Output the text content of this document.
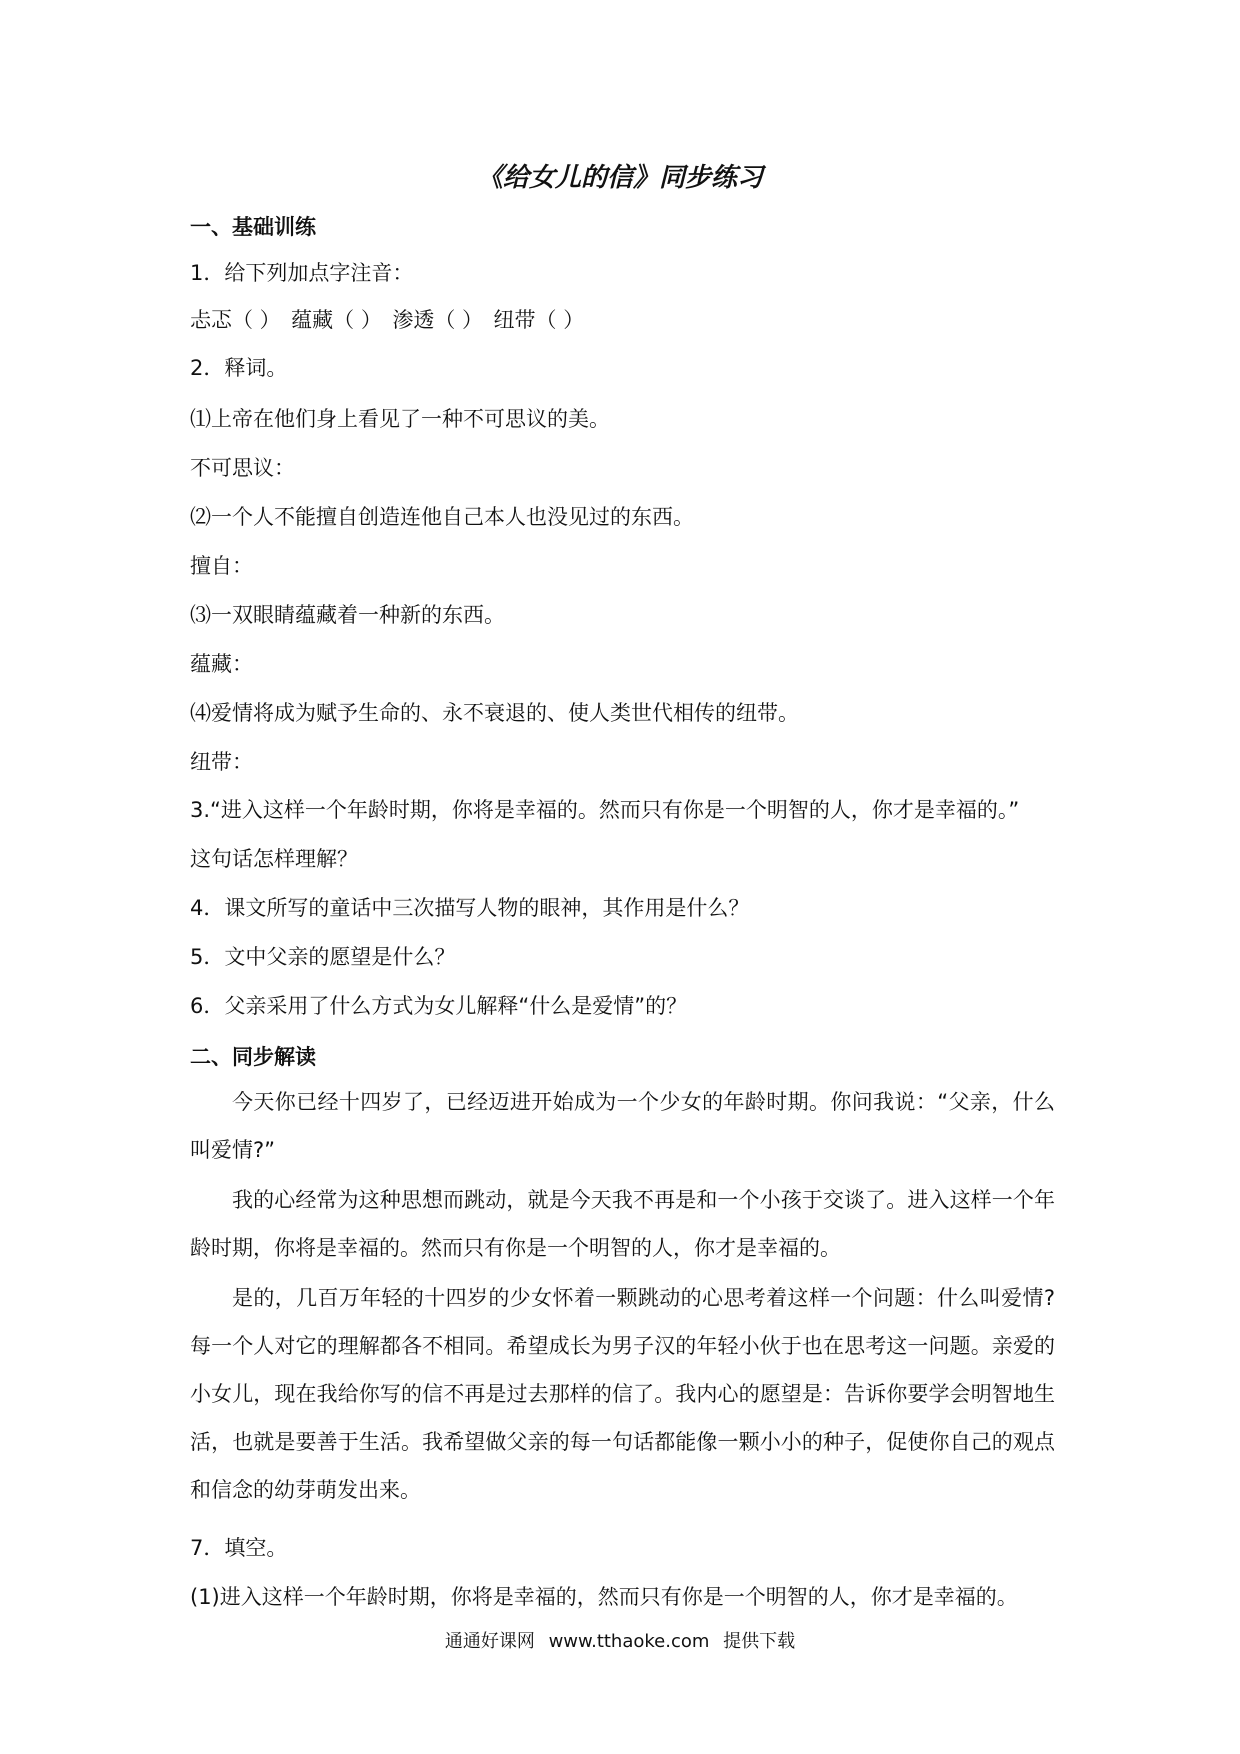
《给女儿的信》同步练习
一、基础训练
1．给下列加点字注音：
忐忑（ ）　蕴藏（ ）　渗透（ ）　纽带（ ）
2．释词。
⑴上帝在他们身上看见了一种不可思议的美。
不可思议：
⑵一个人不能擅自创造连他自己本人也没见过的东西。
擅自：
⑶一双眼睛蕴藏着一种新的东西。
蕴藏：
⑷爱情将成为赋予生命的、永不衰退的、使人类世代相传的纽带。
纽带：
3.“进入这样一个年龄时期，你将是幸福的。然而只有你是一个明智的人，你才是幸福的。”
这句话怎样理解？
4．课文所写的童话中三次描写人物的眼神，其作用是什么？
5．文中父亲的愿望是什么？
6．父亲采用了什么方式为女儿解释“什么是爱情”的？
二、同步解读
今天你已经十四岁了，已经迈进开始成为一个少女的年龄时期。你问我说：“父亲，什么叫爱情?”
我的心经常为这种思想而跳动，就是今天我不再是和一个小孩于交谈了。进入这样一个年龄时期，你将是幸福的。然而只有你是一个明智的人，你才是幸福的。
是的，几百万年轻的十四岁的少女怀着一颗跳动的心思考着这样一个问题：什么叫爱情?每一个人对它的理解都各不相同。希望成长为男子汉的年轻小伙于也在思考这一问题。亲爱的小女儿，现在我给你写的信不再是过去那样的信了。我内心的愿望是：告诉你要学会明智地生活，也就是要善于生活。我希望做父亲的每一句话都能像一颗小小的种子，促使你自己的观点和信念的幼芽萌发出来。
7．填空。
(1)进入这样一个年龄时期，你将是幸福的，然而只有你是一个明智的人，你才是幸福的。
通通好课网 www.tthaoke.com 提供下载
